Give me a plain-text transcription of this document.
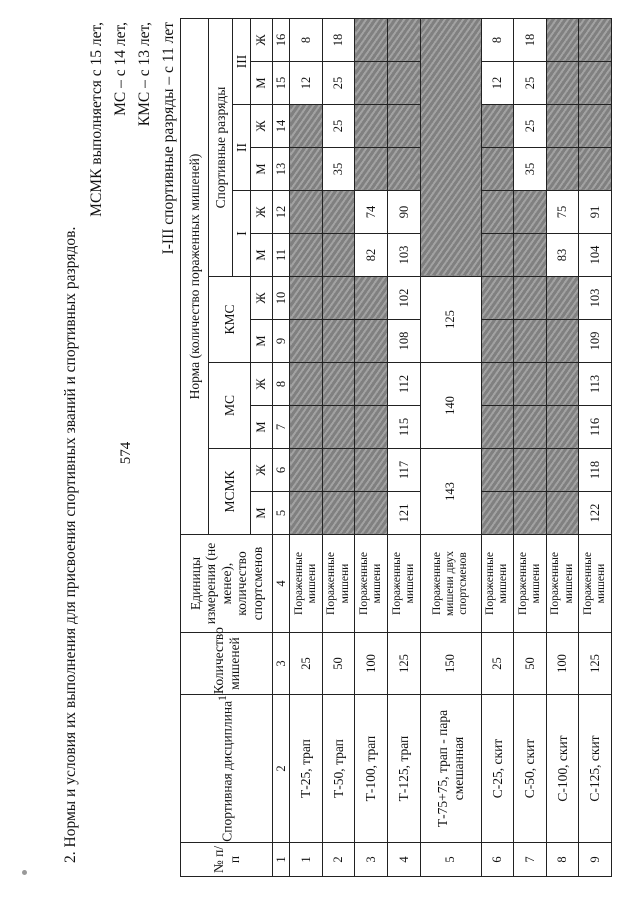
574
2. Нормы и условия их выполнения для присвоения спортивных званий и спортивных разрядов.
МСМК выполняется с 15 лет, МС – с 14 лет, КМС – с 13 лет, I-III спортивные разряды – с 11 лет
№ п/п	Спортивная дисциплина$^1$	Количество мишеней	Единицы измерения (не менее), количество спортсменов	Норма (количество пораженных мишеней)											
				МСМК		МС		КМС		Спортивные разряды					
										I		II		III	
				М	Ж	М	Ж	М	Ж	М	Ж	М	Ж	М	Ж
1	2	3	4	5	6	7	8	9	10	11	12	13	14	15	16
1	Т-25, трап	25	Пораженные мишени											12	8
2	Т-50, трап	50	Пораженные мишени									35	25	25	18
3	Т-100, трап	100	Пораженные мишени							82	74				
4	Т-125, трап	125	Пораженные мишени	121	117	115	112	108	102	103	90				
5	Т-75+75, трап - пара смешанная	150	Пораженные мишени двух спортсменов	143		140		125							
6	С-25, скит	25	Пораженные мишени											12	8
7	С-50, скит	50	Пораженные мишени									35	25	25	18
8	С-100, скит	100	Пораженные мишени							83	75				
9	С-125, скит	125	Пораженные мишени	122	118	116	113	109	103	104	91				
